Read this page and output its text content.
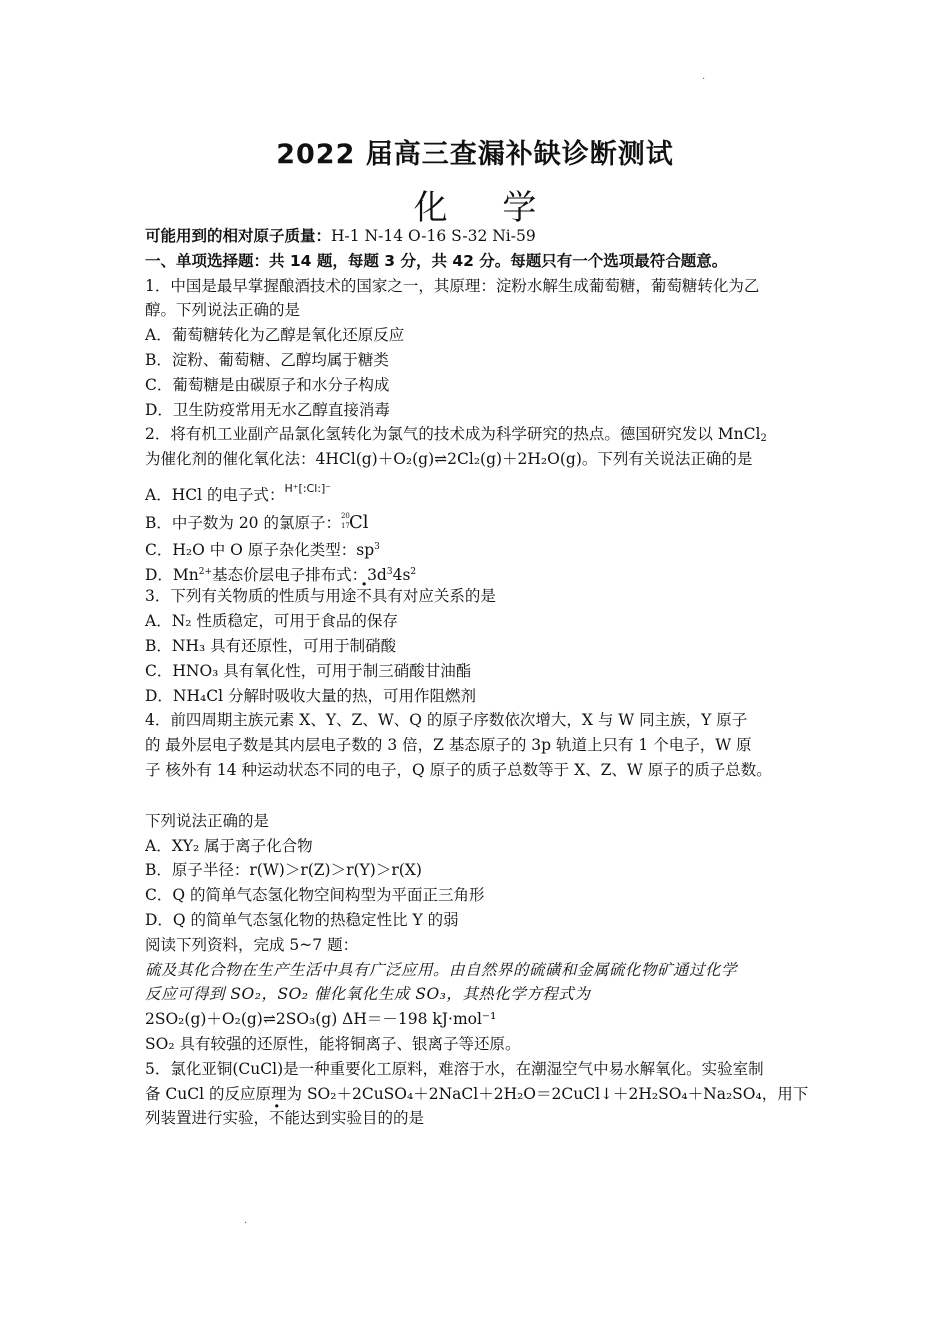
·
·
2022 届高三查漏补缺诊断测试
化 学
可能用到的相对原子质量：H-1 N-14 O-16 S-32 Ni-59
一、单项选择题：共 14 题，每题 3 分，共 42 分。每题只有一个选项最符合题意。
1．中国是最早掌握酿酒技术的国家之一，其原理：淀粉水解生成葡萄糖，葡萄糖转化为乙
醇。下列说法正确的是
A．葡萄糖转化为乙醇是氧化还原反应
B．淀粉、葡萄糖、乙醇均属于糖类
C．葡萄糖是由碳原子和水分子构成
D．卫生防疫常用无水乙醇直接消毒
2．将有机工业副产品氯化氢转化为氯气的技术成为科学研究的热点。德国研究发以 MnCl$_2$
为催化剂的催化氧化法：4HCl(g)＋O₂(g)⇌2Cl₂(g)＋2H₂O(g)。下列有关说法正确的是
A．HCl 的电子式：$^{H^+[:Cl:]^-}$
B．中子数为 20 的氯原子： 20
17 Cl
C．H₂O 中 O 原子杂化类型：$sp^3$
D．$Mn^{2+}$基态价层电子排布式：$3d^34s^2$
3．下列有关物质的性质与用途不具有对应关系的是
A．N₂ 性质稳定，可用于食品的保存
B．NH₃ 具有还原性，可用于制硝酸
C．HNO₃ 具有氧化性，可用于制三硝酸甘油酯
D．NH₄Cl 分解时吸收大量的热，可用作阻燃剂
4．前四周期主族元素 X、Y、Z、W、Q 的原子序数依次增大，X 与 W 同主族，Y 原子
的 最外层电子数是其内层电子数的 3 倍，Z 基态原子的 3p 轨道上只有 1 个电子，W 原
子 核外有 14 种运动状态不同的电子，Q 原子的质子总数等于 X、Z、W 原子的质子总数。
下列说法正确的是
A．XY₂ 属于离子化合物
B．原子半径：r(W)＞r(Z)＞r(Y)＞r(X)
C．Q 的简单气态氢化物空间构型为平面正三角形
D．Q 的简单气态氢化物的热稳定性比 Y 的弱
阅读下列资料，完成 5~7 题：
硫及其化合物在生产生活中具有广泛应用。由自然界的硫磺和金属硫化物矿通过化学
反应可得到 SO₂，SO₂ 催化氧化生成 SO₃，其热化学方程式为
2SO₂(g)＋O₂(g)⇌2SO₃(g) ΔH＝－198 kJ·mol⁻¹
SO₂ 具有较强的还原性，能将铜离子、银离子等还原。
5．氯化亚铜(CuCl)是一种重要化工原料，难溶于水，在潮湿空气中易水解氧化。实验室制
备 CuCl 的反应原理为 SO₂＋2CuSO₄＋2NaCl＋2H₂O＝2CuCl↓＋2H₂SO₄＋Na₂SO₄，用下
列装置进行实验，不能达到实验目的的是
